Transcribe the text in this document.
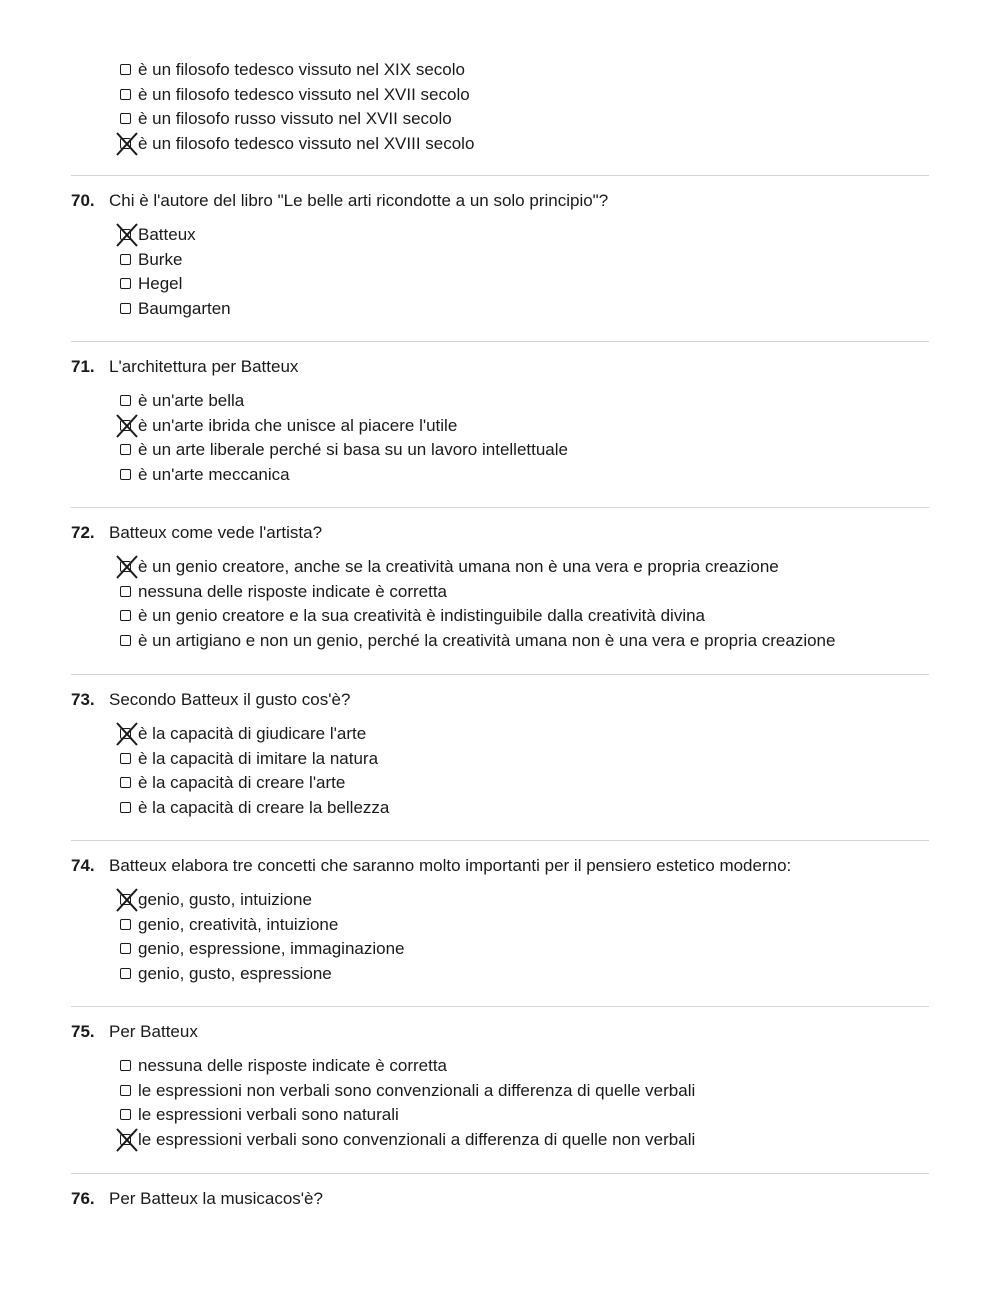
è un filosofo tedesco vissuto nel XIX secolo
è un filosofo tedesco vissuto nel XVII secolo
è un filosofo russo vissuto nel XVII secolo
è un filosofo tedesco vissuto nel XVIII secolo
70. Chi è l'autore del libro "Le belle arti ricondotte a un solo principio"?
Batteux
Burke
Hegel
Baumgarten
71. L'architettura per Batteux
è un'arte bella
è un'arte ibrida che unisce al piacere l'utile
è un arte liberale perché si basa su un lavoro intellettuale
è un'arte meccanica
72. Batteux come vede l'artista?
è un genio creatore, anche se la creatività umana non è una vera e propria creazione
nessuna delle risposte indicate è corretta
è un genio creatore e la sua creatività è indistinguibile dalla creatività divina
è un artigiano e non un genio, perché la creatività umana non è una vera e propria creazione
73. Secondo Batteux il gusto cos'è?
è la capacità di giudicare l'arte
è la capacità di imitare la natura
è la capacità di creare l'arte
è la capacità di creare la bellezza
74. Batteux elabora tre concetti che saranno molto importanti per il pensiero estetico moderno:
genio, gusto, intuizione
genio, creatività, intuizione
genio, espressione, immaginazione
genio, gusto, espressione
75. Per Batteux
nessuna delle risposte indicate è corretta
le espressioni non verbali sono convenzionali a differenza di quelle verbali
le espressioni verbali sono naturali
le espressioni verbali sono convenzionali a differenza di quelle non verbali
76. Per Batteux la musicacos'è?
